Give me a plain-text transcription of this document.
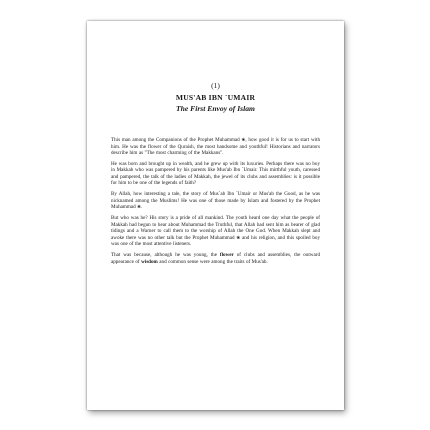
(1)
MUS'AB IBN `UMAIR
The First Envoy of Islam

This man among the Companions of the Prophet Muhammad ❀, how good it is for us to start with him. He was the flower of the Quraish, the most handsome and youthful! Historians and narrators describe him as "The most charming of the Makkans".

He was born and brought up in wealth, and he grew up with its luxuries. Perhaps there was no boy in Makkah who was pampered by his parents like Mus'ab Ibn `Umair. This mirthful youth, caressed and pampered, the talk of the ladies of Makkah, the jewel of its clubs and assemblies: is it possible for him to be one of the legends of faith?

By Allah, how interesting a tale, the story of Mus`ab Ibn `Umair or Mus'ab the Good, as he was nicknamed among the Muslims! He was one of those made by Islam and fostered by the Prophet Muhammad ❀.

But who was he? His story is a pride of all mankind. The youth heard one day what the people of Makkah had begun to hear about Muhammad the Truthful, that Allah had sent him as bearer of glad tidings and a Warner to call them to the worship of Allah the One God. When Makkah slept and awoke there was no other talk but the Prophet Muhammad ❀ and his religion, and this spoiled boy was one of the most attentive listeners.

That was because, although he was young, the flower of clubs and assemblies, the outward appearance of wisdom and common sense were among the traits of Mus'ab.
